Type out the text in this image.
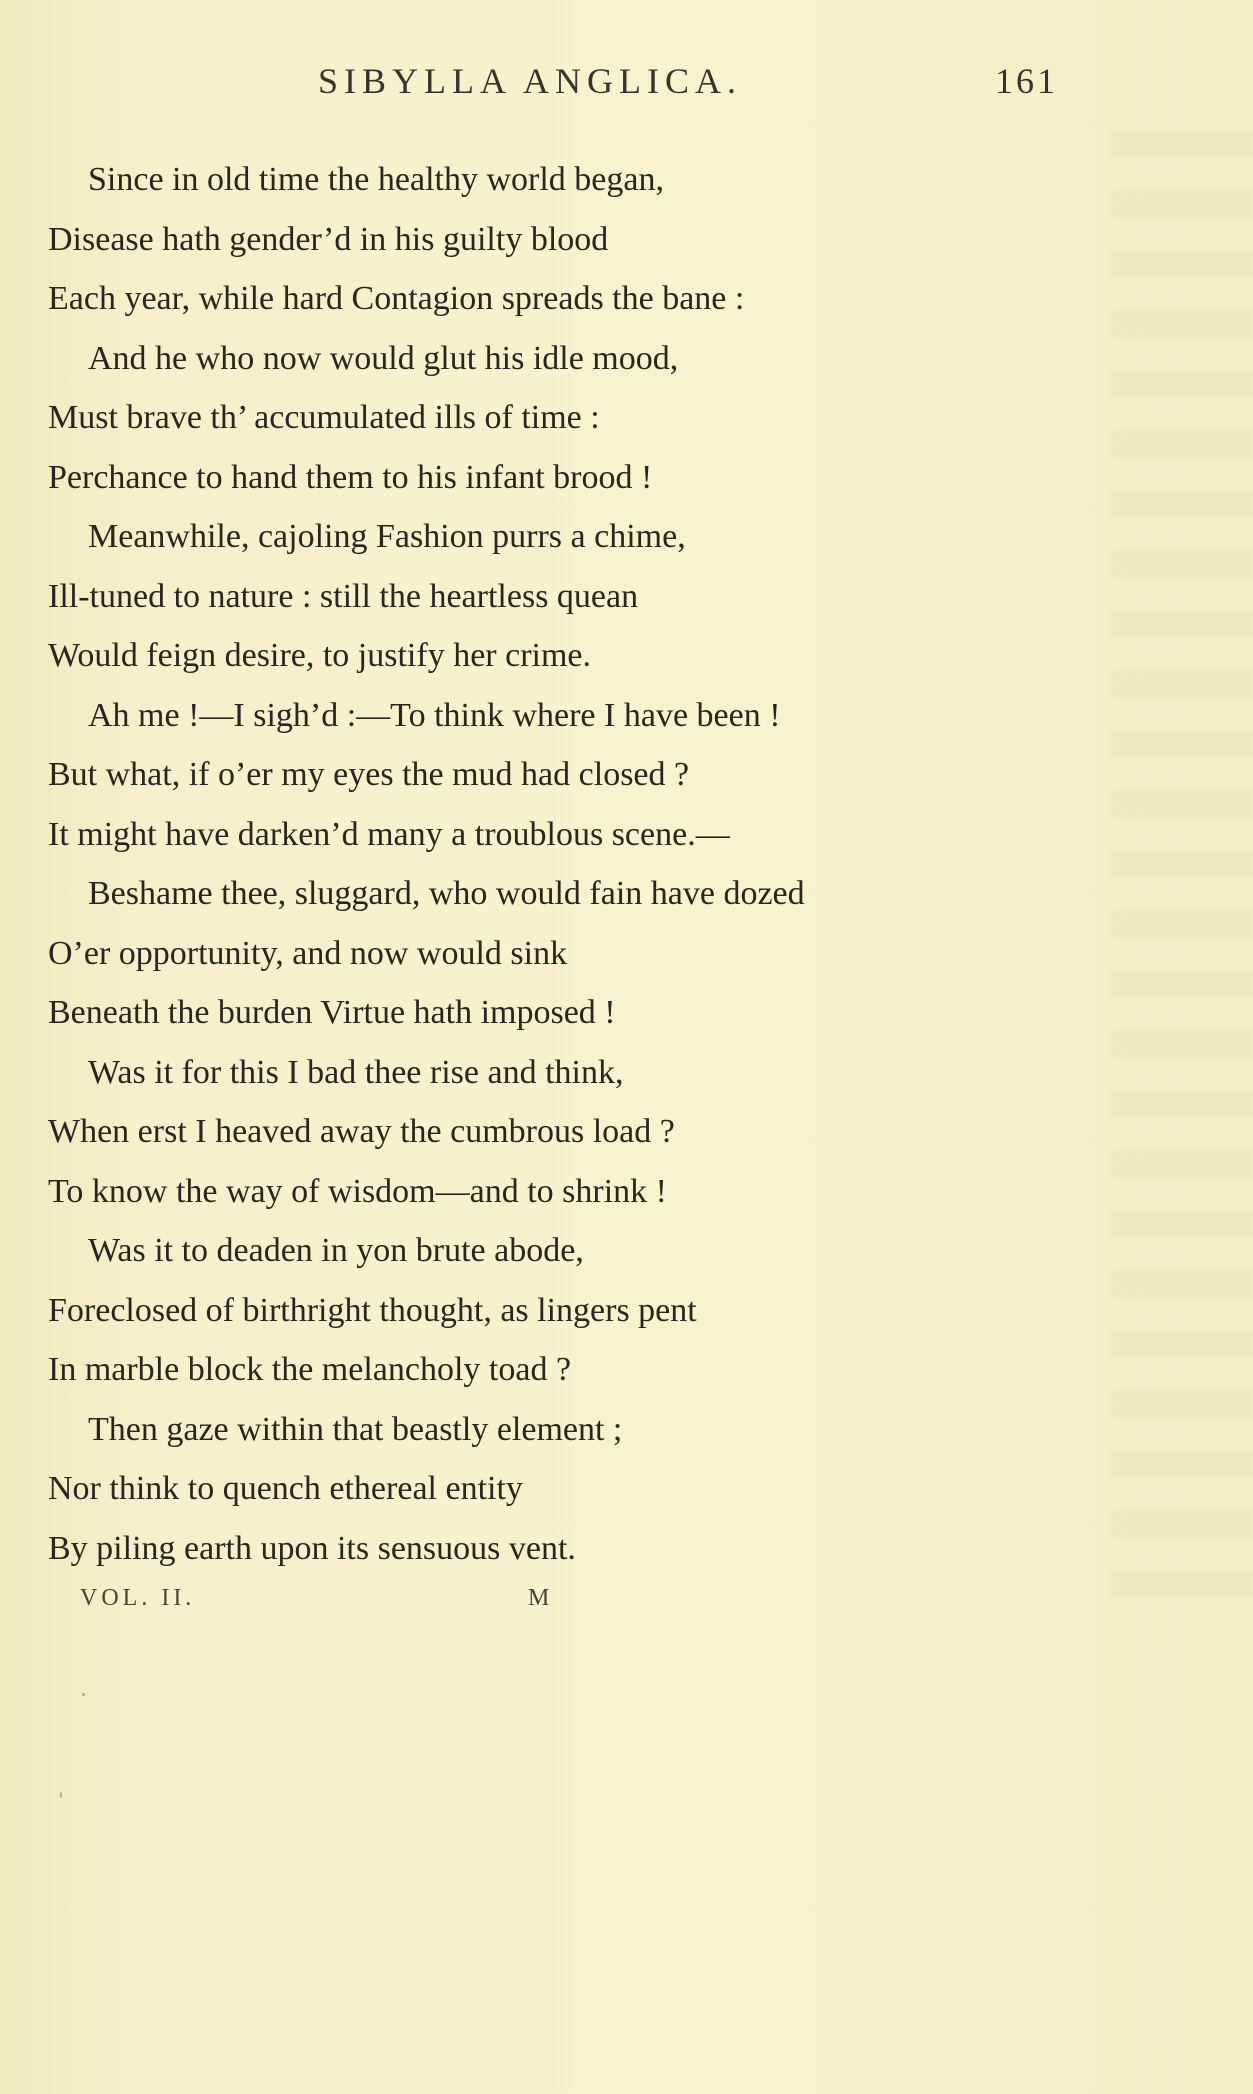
SIBYLLA ANGLICA.	161
Since in old time the healthy world began,
Disease hath gender’d in his guilty blood
Each year, while hard Contagion spreads the bane :
And he who now would glut his idle mood,
Must brave th’ accumulated ills of time :
Perchance to hand them to his infant brood !
Meanwhile, cajoling Fashion purrs a chime,
Ill-tuned to nature : still the heartless quean
Would feign desire, to justify her crime.
Ah me !—I sigh’d :—To think where I have been !
But what, if o’er my eyes the mud had closed ?
It might have darken’d many a troublous scene.—
Beshame thee, sluggard, who would fain have dozed
O’er opportunity, and now would sink
Beneath the burden Virtue hath imposed !
Was it for this I bad thee rise and think,
When erst I heaved away the cumbrous load ?
To know the way of wisdom—and to shrink !
Was it to deaden in yon brute abode,
Foreclosed of birthright thought, as lingers pent
In marble block the melancholy toad ?
Then gaze within that beastly element ;
Nor think to quench ethereal entity
By piling earth upon its sensuous vent.
VOL. II.	M
